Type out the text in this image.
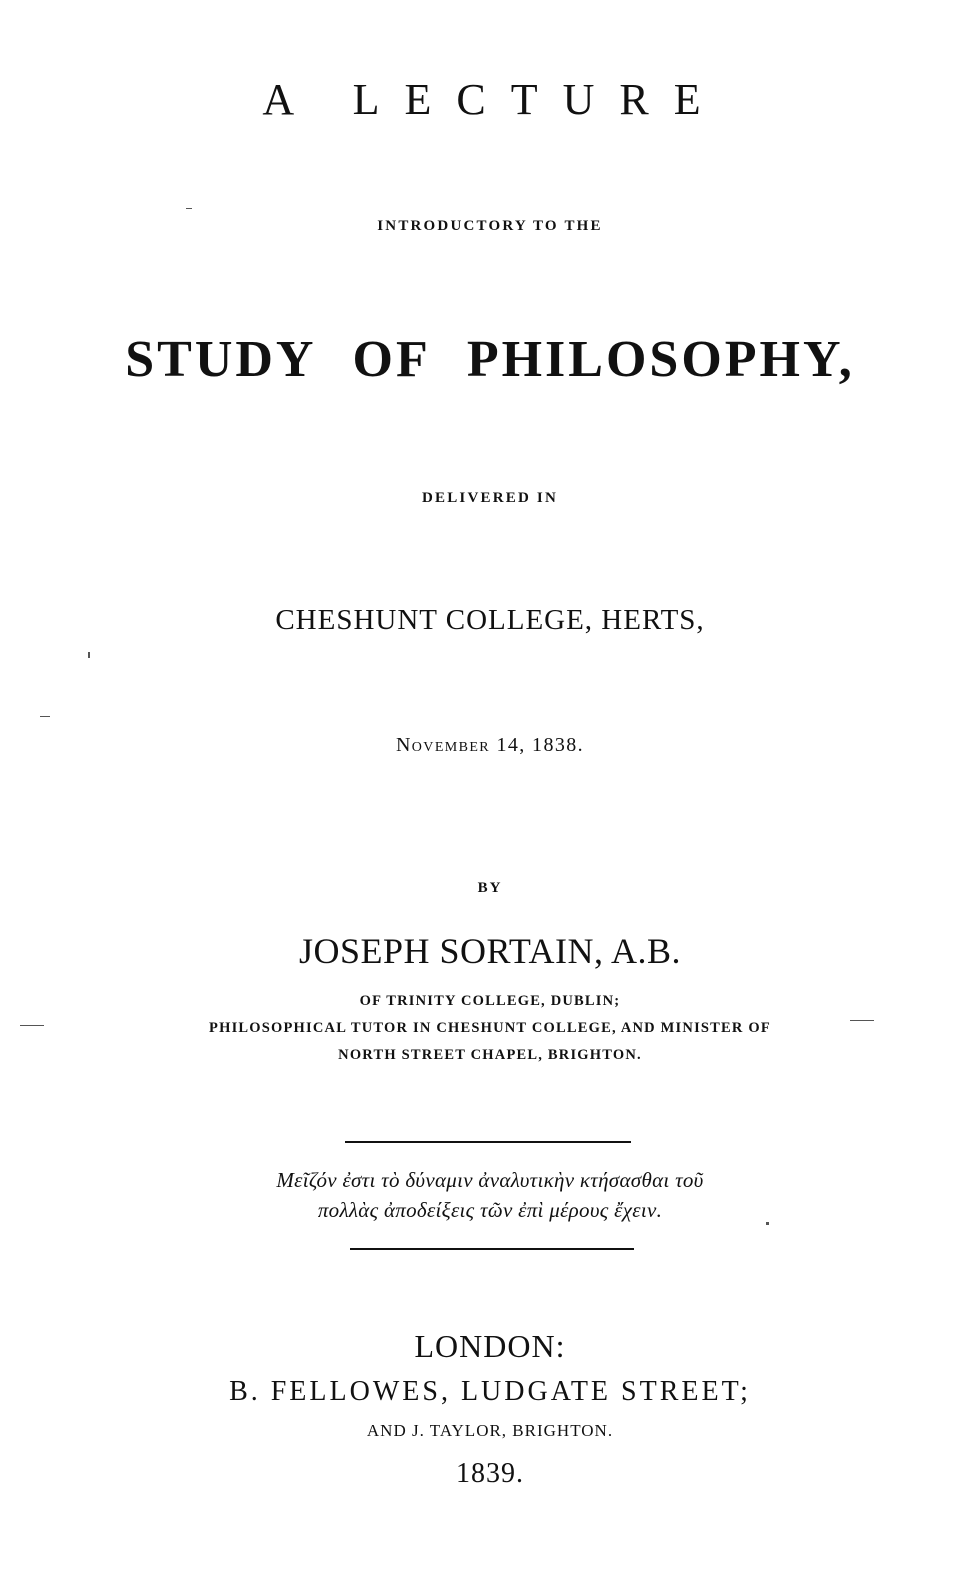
A LECTURE
INTRODUCTORY TO THE
STUDY OF PHILOSOPHY,
DELIVERED IN
CHESHUNT COLLEGE, HERTS,
November 14, 1838.
BY
JOSEPH SORTAIN, A.B.
OF TRINITY COLLEGE, DUBLIN;
PHILOSOPHICAL TUTOR IN CHESHUNT COLLEGE, AND MINISTER OF
NORTH STREET CHAPEL, BRIGHTON.
Μεῖζόν ἐστι τὸ δύναμιν ἀναλυτικὴν κτήσασθαι τοῦ
πολλὰς ἀποδείξεις τῶν ἐπὶ μέρους ἔχειν.
LONDON:
B. FELLOWES, LUDGATE STREET;
AND J. TAYLOR, BRIGHTON.
1839.
